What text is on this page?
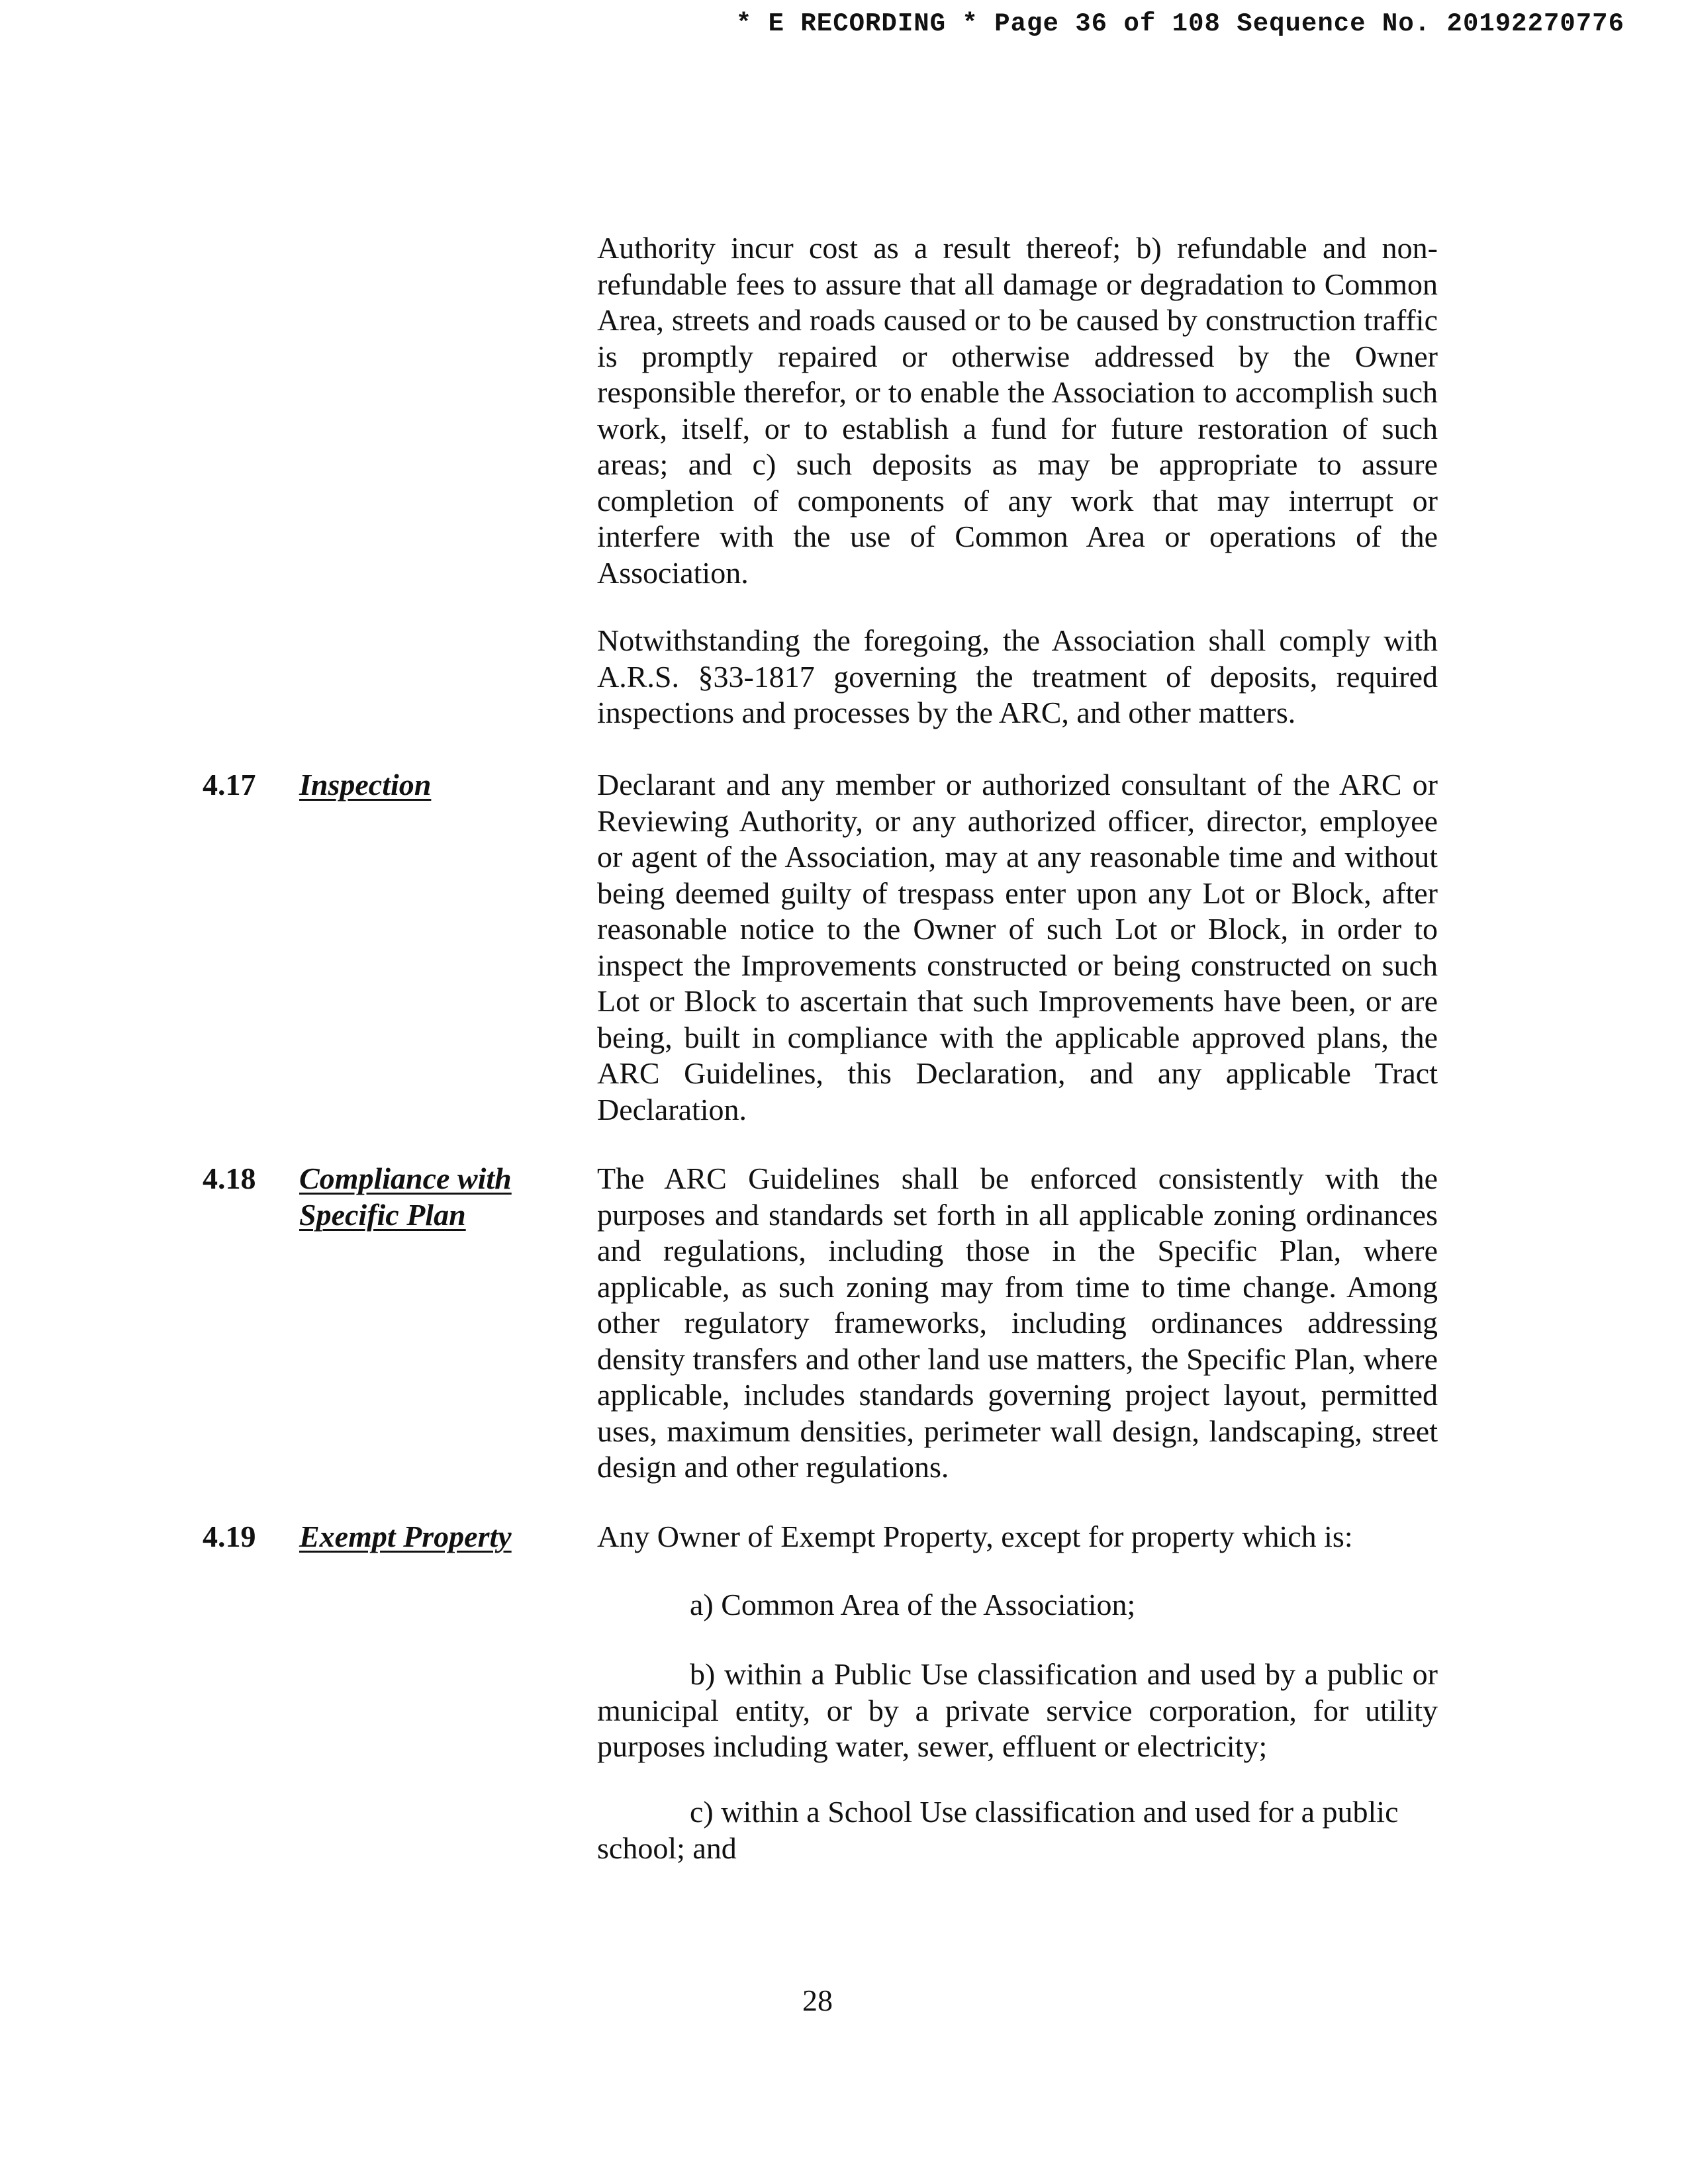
* E RECORDING * Page 36 of 108 Sequence No. 20192270776

Authority incur cost as a result thereof; b) refundable and non-refundable fees to assure that all damage or degradation to Common Area, streets and roads caused or to be caused by construction traffic is promptly repaired or otherwise addressed by the Owner responsible therefor, or to enable the Association to accomplish such work, itself, or to establish a fund for future restoration of such areas; and c) such deposits as may be appropriate to assure completion of components of any work that may interrupt or interfere with the use of Common Area or operations of the Association.

Notwithstanding the foregoing, the Association shall comply with A.R.S. §33-1817 governing the treatment of deposits, required inspections and processes by the ARC, and other matters.

4.17 Inspection	Declarant and any member or authorized consultant of the ARC or Reviewing Authority, or any authorized officer, director, employee or agent of the Association, may at any reasonable time and without being deemed guilty of trespass enter upon any Lot or Block, after reasonable notice to the Owner of such Lot or Block, in order to inspect the Improvements constructed or being constructed on such Lot or Block to ascertain that such Improvements have been, or are being, built in compliance with the applicable approved plans, the ARC Guidelines, this Declaration, and any applicable Tract Declaration.

4.18 Compliance with Specific Plan

The ARC Guidelines shall be enforced consistently with the purposes and standards set forth in all applicable zoning ordinances and regulations, including those in the Specific Plan, where applicable, as such zoning may from time to time change. Among other regulatory frameworks, including ordinances addressing density transfers and other land use matters, the Specific Plan, where applicable, includes standards governing project layout, permitted uses, maximum densities, perimeter wall design, landscaping, street design and other regulations.

4.19 Exempt Property	Any Owner of Exempt Property, except for property which is:

a) Common Area of the Association;

b) within a Public Use classification and used by a public or municipal entity, or by a private service corporation, for utility purposes including water, sewer, effluent or electricity;

c) within a School Use classification and used for a public school; and

28
